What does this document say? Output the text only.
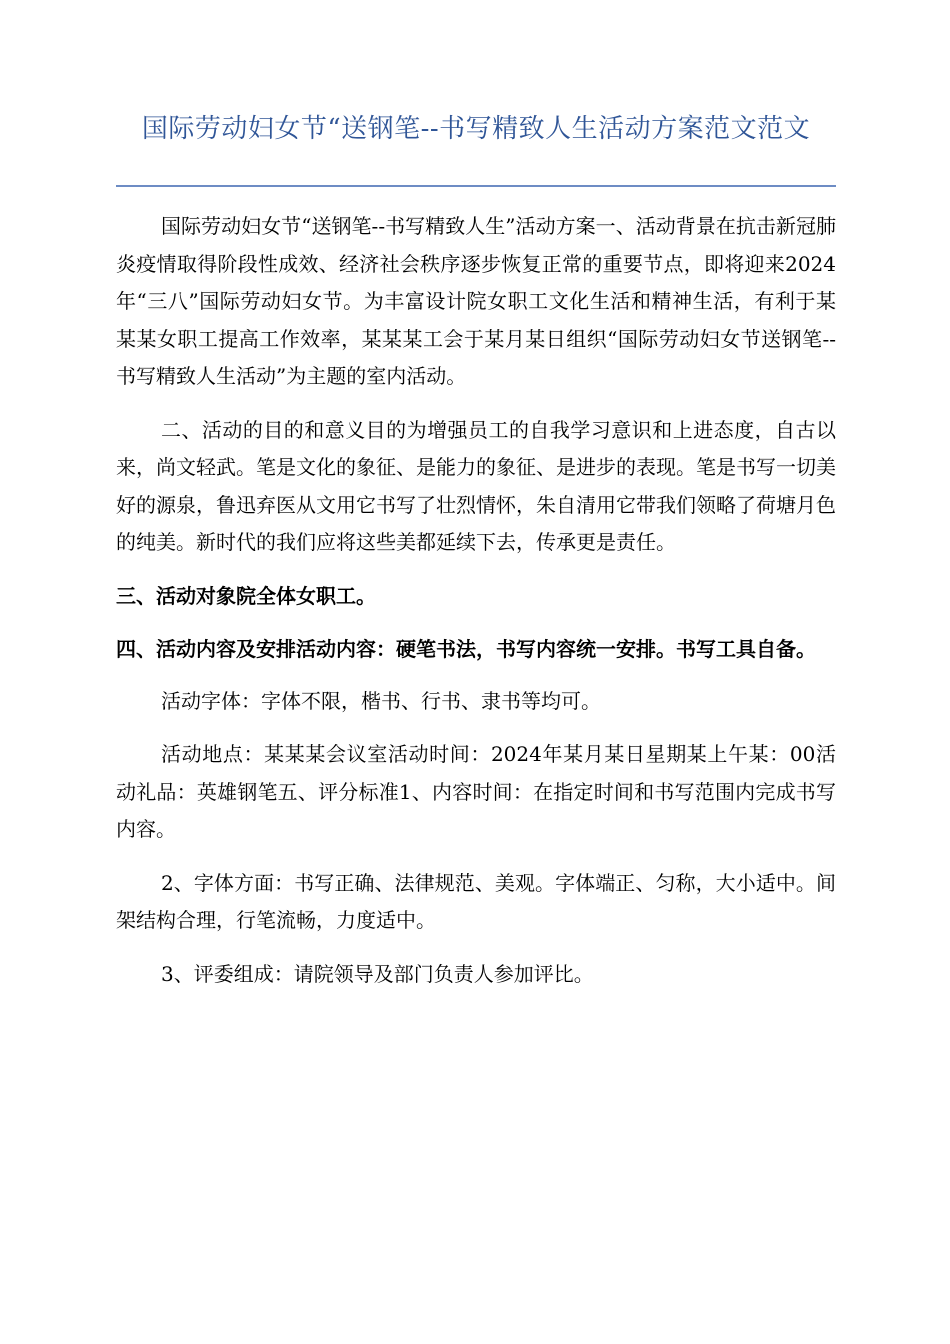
国际劳动妇女节“送钢笔--书写精致人生活动方案范文范文

国际劳动妇女节“送钢笔--书写精致人生”活动方案一、活动背景在抗击新冠肺炎疫情取得阶段性成效、经济社会秩序逐步恢复正常的重要节点，即将迎来2024年“三八”国际劳动妇女节。为丰富设计院女职工文化生活和精神生活，有利于某某某女职工提高工作效率，某某某工会于某月某日组织“国际劳动妇女节送钢笔--书写精致人生活动”为主题的室内活动。

二、活动的目的和意义目的为增强员工的自我学习意识和上进态度，自古以来，尚文轻武。笔是文化的象征、是能力的象征、是进步的表现。笔是书写一切美好的源泉，鲁迅弃医从文用它书写了壮烈情怀，朱自清用它带我们领略了荷塘月色的纯美。新时代的我们应将这些美都延续下去，传承更是责任。

三、活动对象院全体女职工。

四、活动内容及安排活动内容：硬笔书法，书写内容统一安排。书写工具自备。

活动字体：字体不限，楷书、行书、隶书等均可。

活动地点：某某某会议室活动时间：2024年某月某日星期某上午某：00活动礼品：英雄钢笔五、评分标准1、内容时间：在指定时间和书写范围内完成书写内容。

2、字体方面：书写正确、法律规范、美观。字体端正、匀称，大小适中。间架结构合理，行笔流畅，力度适中。

3、评委组成：请院领导及部门负责人参加评比。
